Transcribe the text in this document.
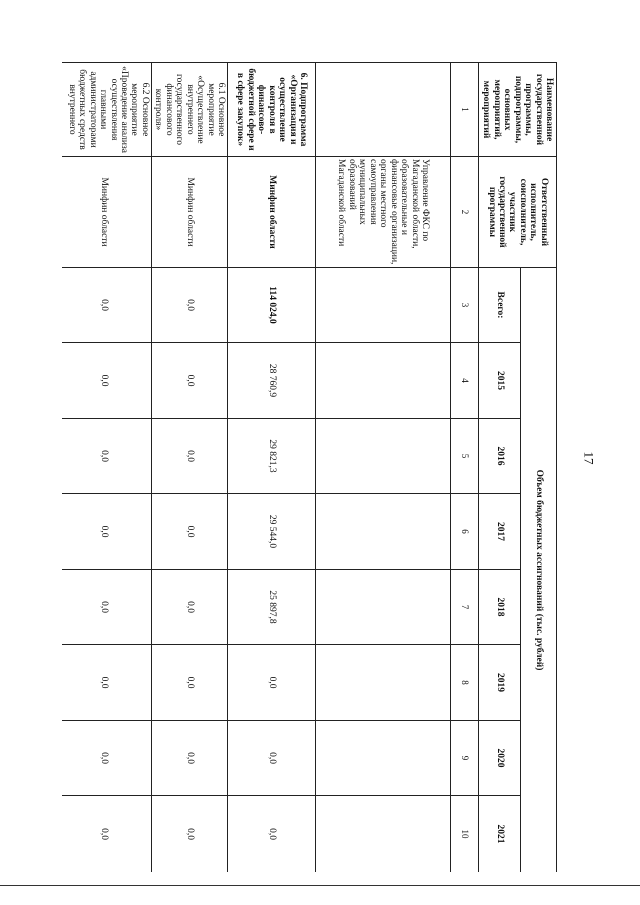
17
Наименование государственной программы, подпрограммы, основных мероприятий, мероприятий	Ответственный исполнитель, соисполнитель, участник государственной программы	Объем бюджетных ассигнований (тыс. рублей)							
		Всего:	2015	2016	2017	2018	2019	2020	2021
1	2	3	4	5	6	7	8	9	10
	Управление ФКС по Магаданской области, образовательные и финансовые организации, органы местного самоуправления муниципальных образований Магаданской области								
6. Подпрограмма «Организация и осуществление контроля в финансово-бюджетной сфере и в сфере закупок»	Минфин области	114 024,0	28 760,9	29 821,3	29 544,0	25 897,8	0,0	0,0	0,0
6.1 Основное мероприятие «Осуществление внутреннего государственного финансового контроля»	Минфин области	0,0	0,0	0,0	0,0	0,0	0,0	0,0	0,0
6.2 Основное мероприятие «Проведение анализа осуществления главными администраторами бюджетных средств внутреннего	Минфин области	0,0	0,0	0,0	0,0	0,0	0,0	0,0	0,0
